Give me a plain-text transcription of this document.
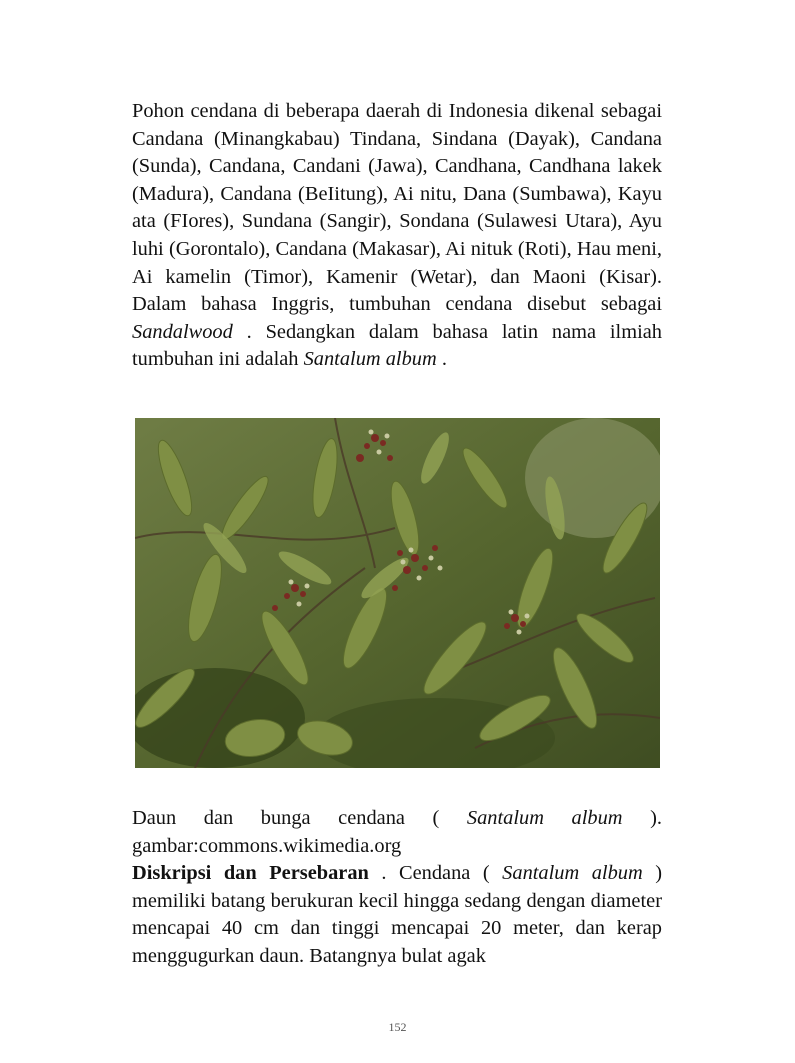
Pohon cendana di beberapa daerah di Indonesia dikenal sebagai Candana (Minangkabau) Tindana, Sindana (Dayak), Candana (Sunda), Candana, Candani (Jawa), Candhana, Candhana lakek (Madura), Candana (BeIitung), Ai nitu, Dana (Sumbawa), Kayu ata (FIores), Sundana (Sangir), Sondana (Sulawesi Utara), Ayu luhi (Gorontalo), Candana (Makasar), Ai nituk (Roti), Hau meni, Ai kamelin (Timor), Kamenir (Wetar), dan Maoni (Kisar). Dalam bahasa Inggris, tumbuhan cendana disebut sebagai Sandalwood . Sedangkan dalam bahasa latin nama ilmiah tumbuhan ini adalah Santalum album .

Daun dan bunga cendana ( Santalum album ). gambar:commons.wikimedia.org

Diskripsi dan Persebaran . Cendana ( Santalum album ) memiliki batang berukuran kecil hingga sedang dengan diameter mencapai 40 cm dan tinggi mencapai 20 meter, dan kerap menggugurkan daun. Batangnya bulat agak

152
